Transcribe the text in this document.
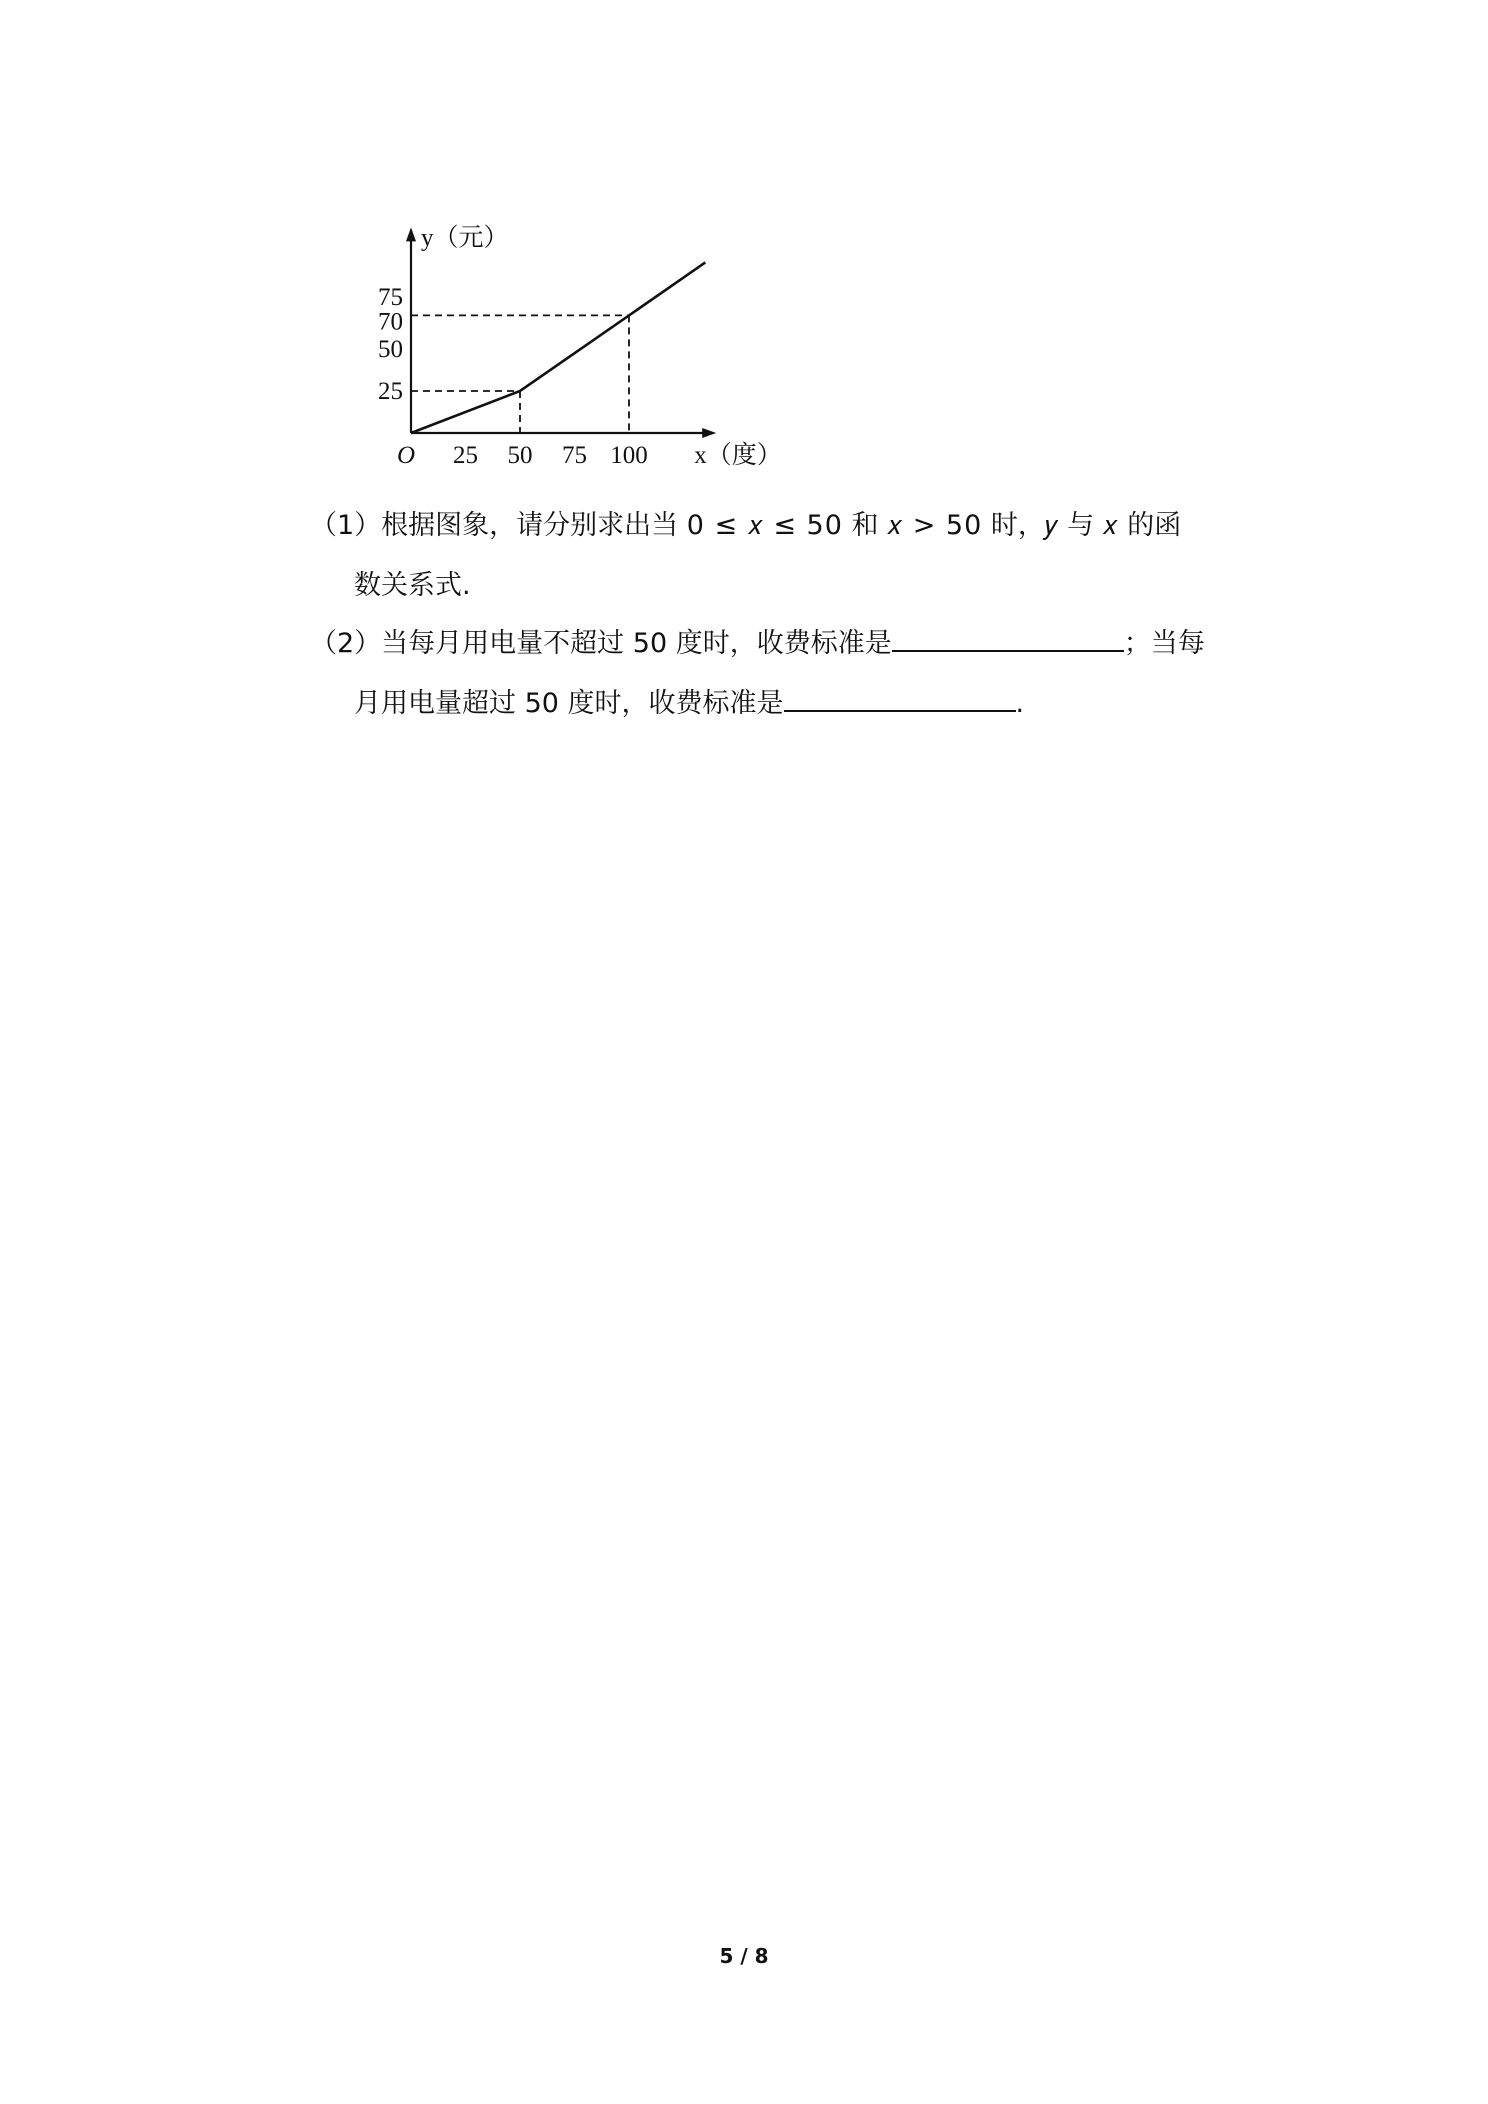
25 50 75 100
25
50
70
75
O	x（度）
y（元）
（1）根据图象，请分别求出当 0 ≤ 𝑥 ≤ 50 和 𝑥 > 50 时，𝑦 与 𝑥 的函
数关系式.
（2）当每月用电量不超过 50 度时，收费标准是	；当每
月用电量超过 50 度时，收费标准是	.
5 / 8
